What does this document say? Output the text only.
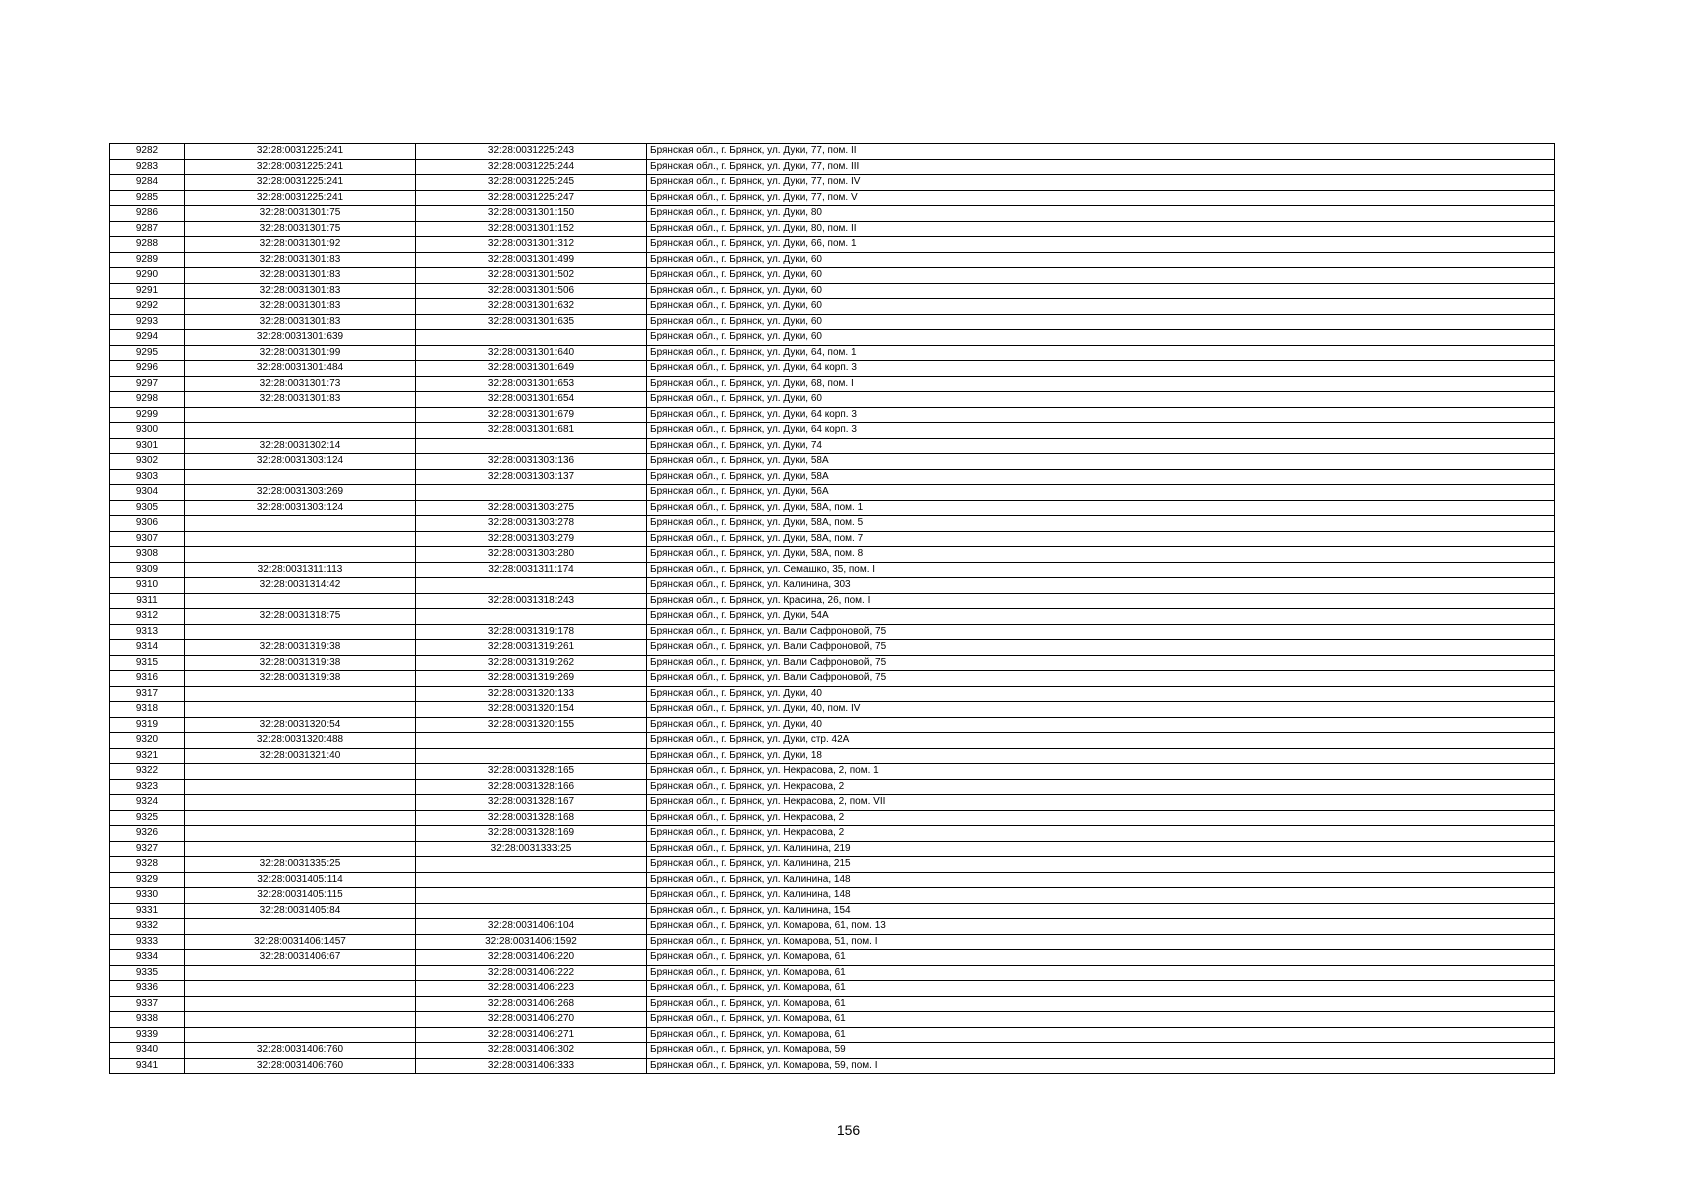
9282	32:28:0031225:241	32:28:0031225:243	Брянская обл., г. Брянск, ул. Дуки, 77, пом. II
9283	32:28:0031225:241	32:28:0031225:244	Брянская обл., г. Брянск, ул. Дуки, 77, пом. III
9284	32:28:0031225:241	32:28:0031225:245	Брянская обл., г. Брянск, ул. Дуки, 77, пом. IV
9285	32:28:0031225:241	32:28:0031225:247	Брянская обл., г. Брянск, ул. Дуки, 77, пом. V
9286	32:28:0031301:75	32:28:0031301:150	Брянская обл., г. Брянск, ул. Дуки, 80
9287	32:28:0031301:75	32:28:0031301:152	Брянская обл., г. Брянск, ул. Дуки, 80, пом. II
9288	32:28:0031301:92	32:28:0031301:312	Брянская обл., г. Брянск, ул. Дуки, 66, пом. 1
9289	32:28:0031301:83	32:28:0031301:499	Брянская обл., г. Брянск, ул. Дуки, 60
9290	32:28:0031301:83	32:28:0031301:502	Брянская обл., г. Брянск, ул. Дуки, 60
9291	32:28:0031301:83	32:28:0031301:506	Брянская обл., г. Брянск, ул. Дуки, 60
9292	32:28:0031301:83	32:28:0031301:632	Брянская обл., г. Брянск, ул. Дуки, 60
9293	32:28:0031301:83	32:28:0031301:635	Брянская обл., г. Брянск, ул. Дуки, 60
9294	32:28:0031301:639		Брянская обл., г. Брянск, ул. Дуки, 60
9295	32:28:0031301:99	32:28:0031301:640	Брянская обл., г. Брянск, ул. Дуки, 64, пом. 1
9296	32:28:0031301:484	32:28:0031301:649	Брянская обл., г. Брянск, ул. Дуки, 64 корп. 3
9297	32:28:0031301:73	32:28:0031301:653	Брянская обл., г. Брянск, ул. Дуки, 68, пом. I
9298	32:28:0031301:83	32:28:0031301:654	Брянская обл., г. Брянск, ул. Дуки, 60
9299		32:28:0031301:679	Брянская обл., г. Брянск, ул. Дуки, 64 корп. 3
9300		32:28:0031301:681	Брянская обл., г. Брянск, ул. Дуки, 64 корп. 3
9301	32:28:0031302:14		Брянская обл., г. Брянск, ул. Дуки, 74
9302	32:28:0031303:124	32:28:0031303:136	Брянская обл., г. Брянск, ул. Дуки, 58А
9303		32:28:0031303:137	Брянская обл., г. Брянск, ул. Дуки, 58А
9304	32:28:0031303:269		Брянская обл., г. Брянск, ул. Дуки, 56А
9305	32:28:0031303:124	32:28:0031303:275	Брянская обл., г. Брянск, ул. Дуки, 58А, пом. 1
9306		32:28:0031303:278	Брянская обл., г. Брянск, ул. Дуки, 58А, пом. 5
9307		32:28:0031303:279	Брянская обл., г. Брянск, ул. Дуки, 58А, пом. 7
9308		32:28:0031303:280	Брянская обл., г. Брянск, ул. Дуки, 58А, пом. 8
9309	32:28:0031311:113	32:28:0031311:174	Брянская обл., г. Брянск, ул. Семашко, 35, пом. I
9310	32:28:0031314:42		Брянская обл., г. Брянск, ул. Калинина, 303
9311		32:28:0031318:243	Брянская обл., г. Брянск, ул. Красина, 26, пом. I
9312	32:28:0031318:75		Брянская обл., г. Брянск, ул. Дуки, 54А
9313		32:28:0031319:178	Брянская обл., г. Брянск, ул. Вали Сафроновой, 75
9314	32:28:0031319:38	32:28:0031319:261	Брянская обл., г. Брянск, ул. Вали Сафроновой, 75
9315	32:28:0031319:38	32:28:0031319:262	Брянская обл., г. Брянск, ул. Вали Сафроновой, 75
9316	32:28:0031319:38	32:28:0031319:269	Брянская обл., г. Брянск, ул. Вали Сафроновой, 75
9317		32:28:0031320:133	Брянская обл., г. Брянск, ул. Дуки, 40
9318		32:28:0031320:154	Брянская обл., г. Брянск, ул. Дуки, 40, пом. IV
9319	32:28:0031320:54	32:28:0031320:155	Брянская обл., г. Брянск, ул. Дуки, 40
9320	32:28:0031320:488		Брянская обл., г. Брянск, ул. Дуки, стр. 42А
9321	32:28:0031321:40		Брянская обл., г. Брянск, ул. Дуки, 18
9322		32:28:0031328:165	Брянская обл., г. Брянск, ул. Некрасова, 2, пом. 1
9323		32:28:0031328:166	Брянская обл., г. Брянск, ул. Некрасова, 2
9324		32:28:0031328:167	Брянская обл., г. Брянск, ул. Некрасова, 2, пом. VII
9325		32:28:0031328:168	Брянская обл., г. Брянск, ул. Некрасова, 2
9326		32:28:0031328:169	Брянская обл., г. Брянск, ул. Некрасова, 2
9327		32:28:0031333:25	Брянская обл., г. Брянск, ул. Калинина, 219
9328	32:28:0031335:25		Брянская обл., г. Брянск, ул. Калинина, 215
9329	32:28:0031405:114		Брянская обл., г. Брянск, ул. Калинина, 148
9330	32:28:0031405:115		Брянская обл., г. Брянск, ул. Калинина, 148
9331	32:28:0031405:84		Брянская обл., г. Брянск, ул. Калинина, 154
9332		32:28:0031406:104	Брянская обл., г. Брянск, ул. Комарова, 61, пом. 13
9333	32:28:0031406:1457	32:28:0031406:1592	Брянская обл., г. Брянск, ул. Комарова, 51, пом. I
9334	32:28:0031406:67	32:28:0031406:220	Брянская обл., г. Брянск, ул. Комарова, 61
9335		32:28:0031406:222	Брянская обл., г. Брянск, ул. Комарова, 61
9336		32:28:0031406:223	Брянская обл., г. Брянск, ул. Комарова, 61
9337		32:28:0031406:268	Брянская обл., г. Брянск, ул. Комарова, 61
9338		32:28:0031406:270	Брянская обл., г. Брянск, ул. Комарова, 61
9339		32:28:0031406:271	Брянская обл., г. Брянск, ул. Комарова, 61
9340	32:28:0031406:760	32:28:0031406:302	Брянская обл., г. Брянск, ул. Комарова, 59
9341	32:28:0031406:760	32:28:0031406:333	Брянская обл., г. Брянск, ул. Комарова, 59, пом. I
156
